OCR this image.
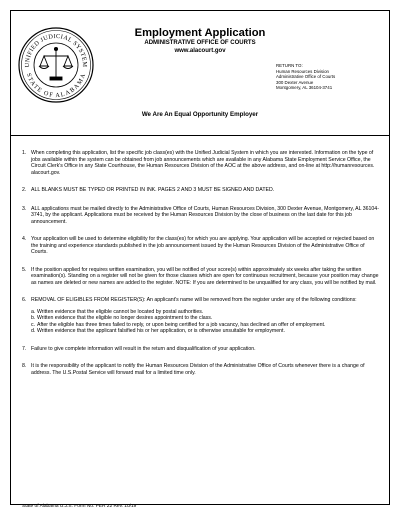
UNIFIED JUDICIAL SYSTEM
STATE OF ALABAMA
Employment Application
ADMINISTRATIVE OFFICE OF COURTS
www.alacourt.gov
RETURN TO:
Human Resources Division
Administrative Office of Courts
300 Dexter Avenue
Montgomery, AL 36104-3741
We Are An Equal Opportunity Employer
1. When completing this application, list the specific job class(es) with the Unified Judicial System in which you are interested. Information on the type of jobs available within the system can be obtained from job announcements which are available in any Alabama State Employment Service Office, the Circuit Clerk's Office in any State Courthouse, the Human Resources Division of the AOC at the above address, and on-line at http://humanresources. alacourt.gov.
2. ALL BLANKS MUST BE TYPED OR PRINTED IN INK. PAGES 2 AND 3 MUST BE SIGNED AND DATED.
3. ALL applications must be mailed directly to the Administrative Office of Courts, Human Resources Division, 300 Dexter Avenue, Montgomery, AL 36104-3741, by the applicant. Applications must be received by the Human Resources Division by the close of business on the last date for this job announcement.
4. Your application will be used to determine eligibility for the class(es) for which you are applying. Your application will be accepted or rejected based on the training and experience standards published in the job announcement issued by the Human Resources Division of the Administrative Office of Courts.
5. If the position applied for requires written examination, you will be notified of your score(s) within approximately six weeks after taking the written examination(s). Standing on a register will not be given for those classes which are open for continuous recruitment, because your position may change as names are deleted or new names are added to the register. NOTE: If you are determined to be unqualified for any class, you will be notified by mail.
6. REMOVAL OF ELIGIBLES FROM REGISTER(S): An applicant's name will be removed from the register under any of the following conditions:
a. Written evidence that the eligible cannot be located by postal authorities.
b. Written evidence that the eligible no longer desires appointment to the class.
c. After the eligible has three times failed to reply, or upon being certified for a job vacancy, has declined an offer of employment.
d. Written evidence that the applicant falsified his or her application, or is otherwise unsuitable for employment.
7. Failure to give complete information will result in the return and disqualification of your application.
8. It is the responsibility of the applicant to notify the Human Resources Division of the Administrative Office of Courts whenever there is a change of address. The U.S.Postal Service will forward mail for a limited time only.
State of Alabama U.J.S. Form No. PER 22 Rev. 10/19
